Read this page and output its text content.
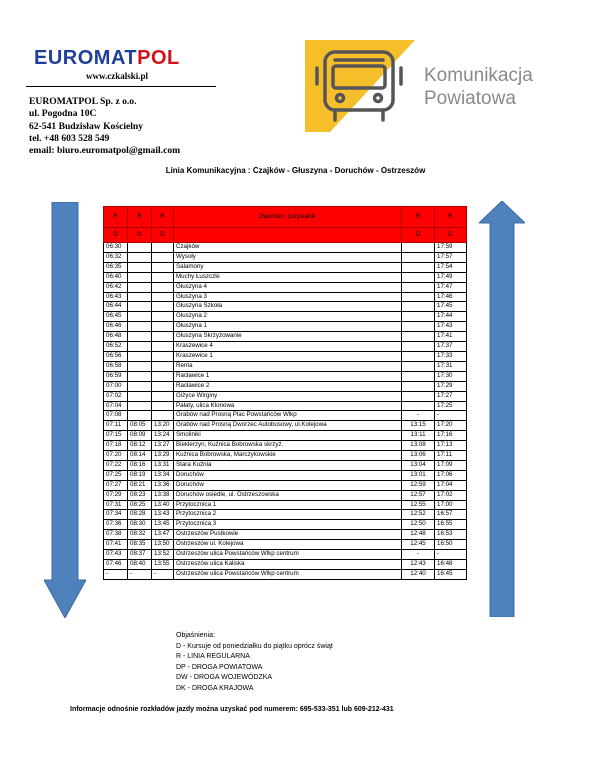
EUROMATPOL
www.czkalski.pl
EUROMATPOL Sp. z o.o.
ul. Pogodna 10C
62-541 Budzisław Kościelny
tel. +48 603 528 549
email: biuro.euromatpol@gmail.com
Komunikacja
Powiatowa
Linia Komunikacyjna : Czajków - Głuszyna - Doruchów - Ostrzeszów
R	R	R	Dworzec / przystanki	R	R
D	D	D		D	D
06:30			Czajków		17:59
06:32			Wysoły		17:57
06:35			Salamony		17:54
06:40			Muchy Łuszczki		17:49
06:42			Głuszyna 4		17:47
06:43			Głuszyna 3		17:46
06:44			Głuszyna Szkoła		17:45
06:45			Głuszyna 2		17:44
06:46			Głuszyna 1		17:43
06:48			Głuszyna Skrzyżowanie		17:41
06:52			Kraszewice 4		17:37
06:56			Kraszewice 1		17:33
06:58			Renta		17:31
06:59			Racławice 1		17:30
07:00			Racławice 2		17:29
07:02			Giżyce Wirginy		17:27
07:04			Pałaty, ulica Klonowa		17:25
07:08			Grabów nad Prosną Plac Powstańców Wlkp	-	-
07:11	08:05	13:20	Grabów nad Prosną Dworzec Autobusowy, ul.Kolejowa	13:15	17:20
07:15	08:09	13:24	Smoliniki	13:11	17:16
07:18	08:12	13:27	Bieklerzyn, Kuźnica Bobrowska skrzyż.	13:08	17:13
07:20	08:14	13:29	Kuźnica Bobrowska, Marczykowskie	13:06	17:11
07:22	08:16	13:31	Stara Kuźnia	13:04	17:09
07:25	08:19	13:34	Doruchów	13:01	17:06
07:27	08:21	13:36	Doruchów	12:59	17:04
07:29	08:23	13:38	Doruchów osiedle, ul. Ostrzeszowska	12:57	17:02
07:31	08:25	13:40	Przytocznica 1	12:55	17:00
07:34	08:28	13:43	Przytocznica 2	12:52	16:57
07:36	08:30	13:45	Przytocznica 3	12:50	16:55
07:38	08:32	13:47	Ostrzeszów Pustkowie	12:48	16:53
07:41	08:35	13:50	Ostrzeszów ul. Kolejowa	12:45	16:50
07:43	08:37	13:52	Ostrzeszów ulica Powstańców Wlkp centrum	-	-
07:46	08:40	13:55	Ostrzeszów ulica Kaliska	12:43	16:48
-	-	-	Ostrzeszów ulica Powstańców Wlkp centrum	12:40	16:45
Objaśnienia:
D - Kursuje od poniedziałku do piątku oprócz świąt
R - LINIA REGULARNA
DP - DROGA POWIATOWA
DW - DROGA WOJEWÓDZKA
DK - DROGA KRAJOWA
Informacje odnośnie rozkładów jazdy można uzyskać pod numerem: 695-533-351 lub 609-212-431
